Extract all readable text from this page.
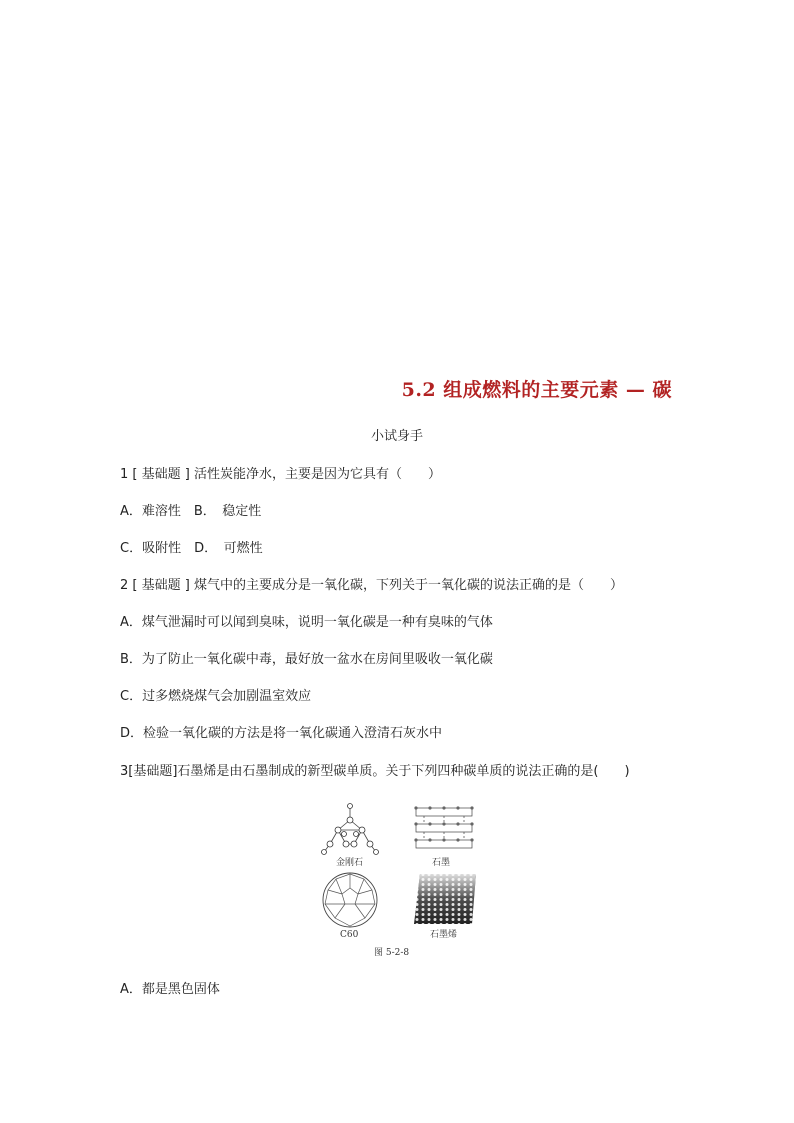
5.2 组成燃料的主要元素 — 碳
小试身手
1 [ 基础题 ] 活性炭能净水，主要是因为它具有（　　）
A．难溶性　B．　稳定性
C．吸附性　D．　可燃性
2 [ 基础题 ] 煤气中的主要成分是一氧化碳，下列关于一氧化碳的说法正确的是（　　）
A．煤气泄漏时可以闻到臭味，说明一氧化碳是一种有臭味的气体
B．为了防止一氧化碳中毒，最好放一盆水在房间里吸收一氧化碳
C．过多燃烧煤气会加剧温室效应
D．检验一氧化碳的方法是将一氧化碳通入澄清石灰水中
3[基础题]石墨烯是由石墨制成的新型碳单质。关于下列四种碳单质的说法正确的是(　　)
金刚石	石墨
C60	石墨烯
图 5-2-8
A．都是黑色固体
